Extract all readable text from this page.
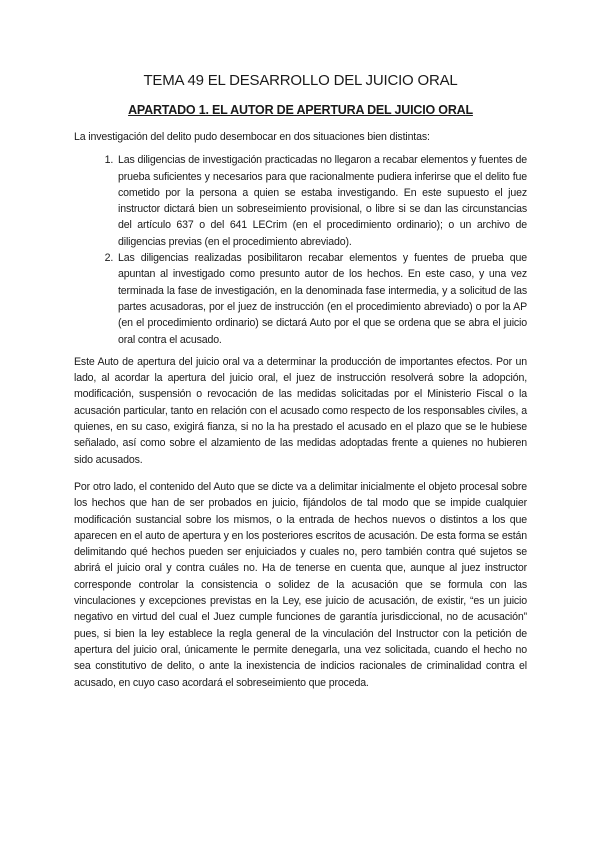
TEMA 49 EL DESARROLLO DEL JUICIO ORAL
APARTADO 1. EL AUTOR DE APERTURA DEL JUICIO ORAL

La investigación del delito pudo desembocar en dos situaciones bien distintas:

1. Las diligencias de investigación practicadas no llegaron a recabar elementos y fuentes de prueba suficientes y necesarios para que racionalmente pudiera inferirse que el delito fue cometido por la persona a quien se estaba investigando. En este supuesto el juez instructor dictará bien un sobreseimiento provisional, o libre si se dan las circunstancias del artículo 637 o del 641 LECrim (en el procedimiento ordinario); o un archivo de diligencias previas (en el procedimiento abreviado).
2. Las diligencias realizadas posibilitaron recabar elementos y fuentes de prueba que apuntan al investigado como presunto autor de los hechos. En este caso, y una vez terminada la fase de investigación, en la denominada fase intermedia, y a solicitud de las partes acusadoras, por el juez de instrucción (en el procedimiento abreviado) o por la AP (en el procedimiento ordinario) se dictará Auto por el que se ordena que se abra el juicio oral contra el acusado.

Este Auto de apertura del juicio oral va a determinar la producción de importantes efectos. Por un lado, al acordar la apertura del juicio oral, el juez de instrucción resolverá sobre la adopción, modificación, suspensión o revocación de las medidas solicitadas por el Ministerio Fiscal o la acusación particular, tanto en relación con el acusado como respecto de los responsables civiles, a quienes, en su caso, exigirá fianza, si no la ha prestado el acusado en el plazo que se le hubiese señalado, así como sobre el alzamiento de las medidas adoptadas frente a quienes no hubieren sido acusados.

Por otro lado, el contenido del Auto que se dicte va a delimitar inicialmente el objeto procesal sobre los hechos que han de ser probados en juicio, fijándolos de tal modo que se impide cualquier modificación sustancial sobre los mismos, o la entrada de hechos nuevos o distintos a los que aparecen en el auto de apertura y en los posteriores escritos de acusación. De esta forma se están delimitando qué hechos pueden ser enjuiciados y cuales no, pero también contra qué sujetos se abrirá el juicio oral y contra cuáles no. Ha de tenerse en cuenta que, aunque al juez instructor corresponde controlar la consistencia o solidez de la acusación que se formula con las vinculaciones y excepciones previstas en la Ley, ese juicio de acusación, de existir, “es un juicio negativo en virtud del cual el Juez cumple funciones de garantía jurisdiccional, no de acusación” pues, si bien la ley establece la regla general de la vinculación del Instructor con la petición de apertura del juicio oral, únicamente le permite denegarla, una vez solicitada, cuando el hecho no sea constitutivo de delito, o ante la inexistencia de indicios racionales de criminalidad contra el acusado, en cuyo caso acordará el sobreseimiento que proceda.
